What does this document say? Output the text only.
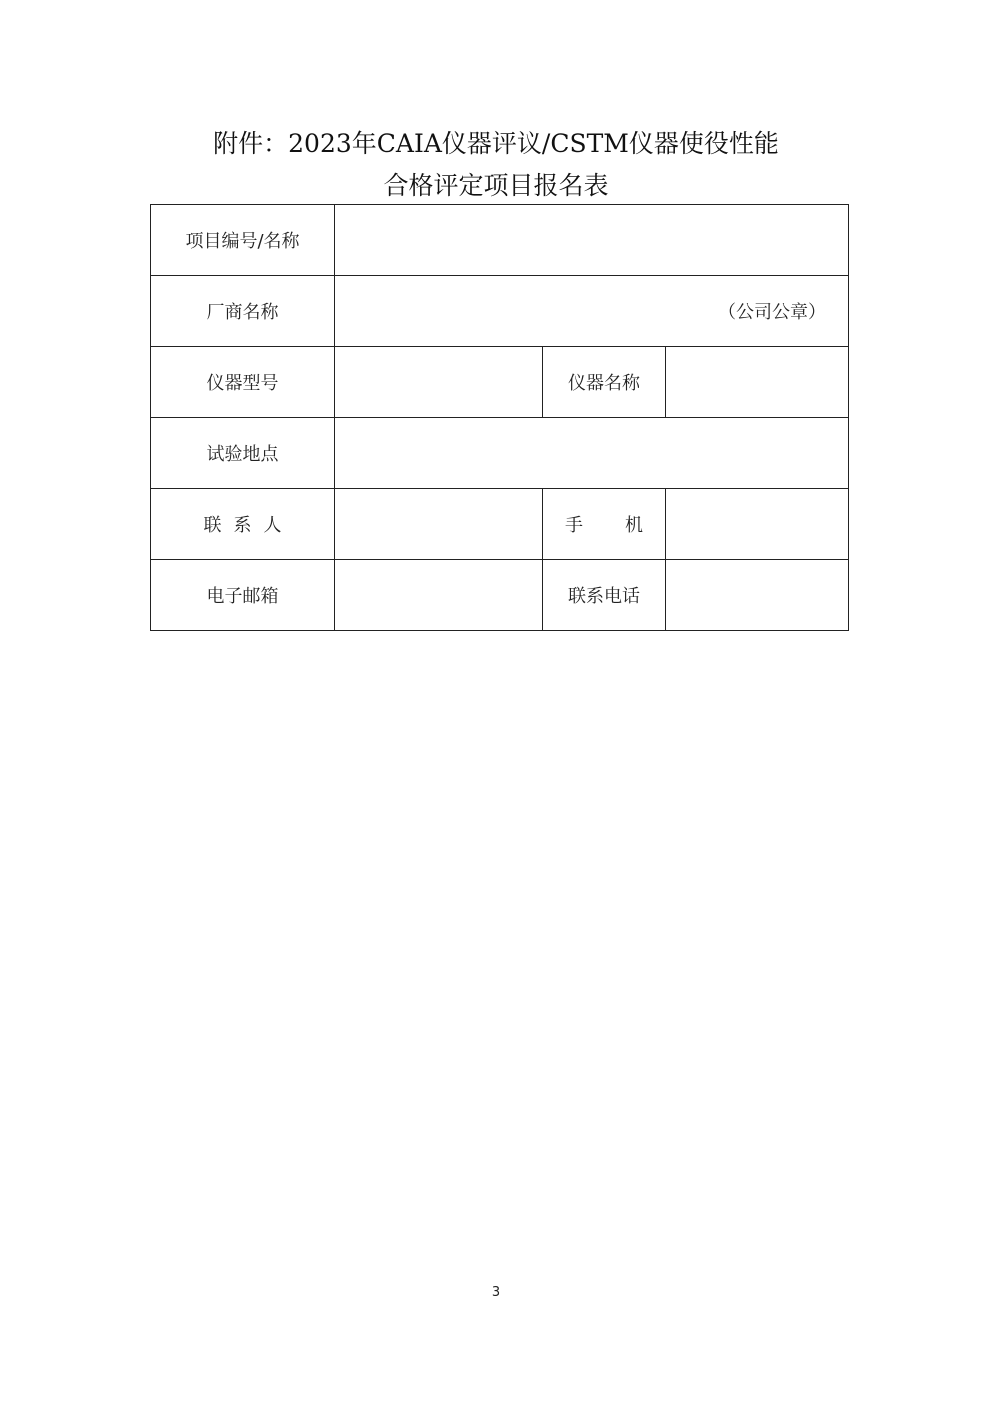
附件：2023年CAIA仪器评议/CSTM仪器使役性能
合格评定项目报名表
项目编号/名称			
厂商名称	（公司公章）		
仪器型号		仪器名称	
试验地点			
联系人		手机	
电子邮箱		联系电话	
3
